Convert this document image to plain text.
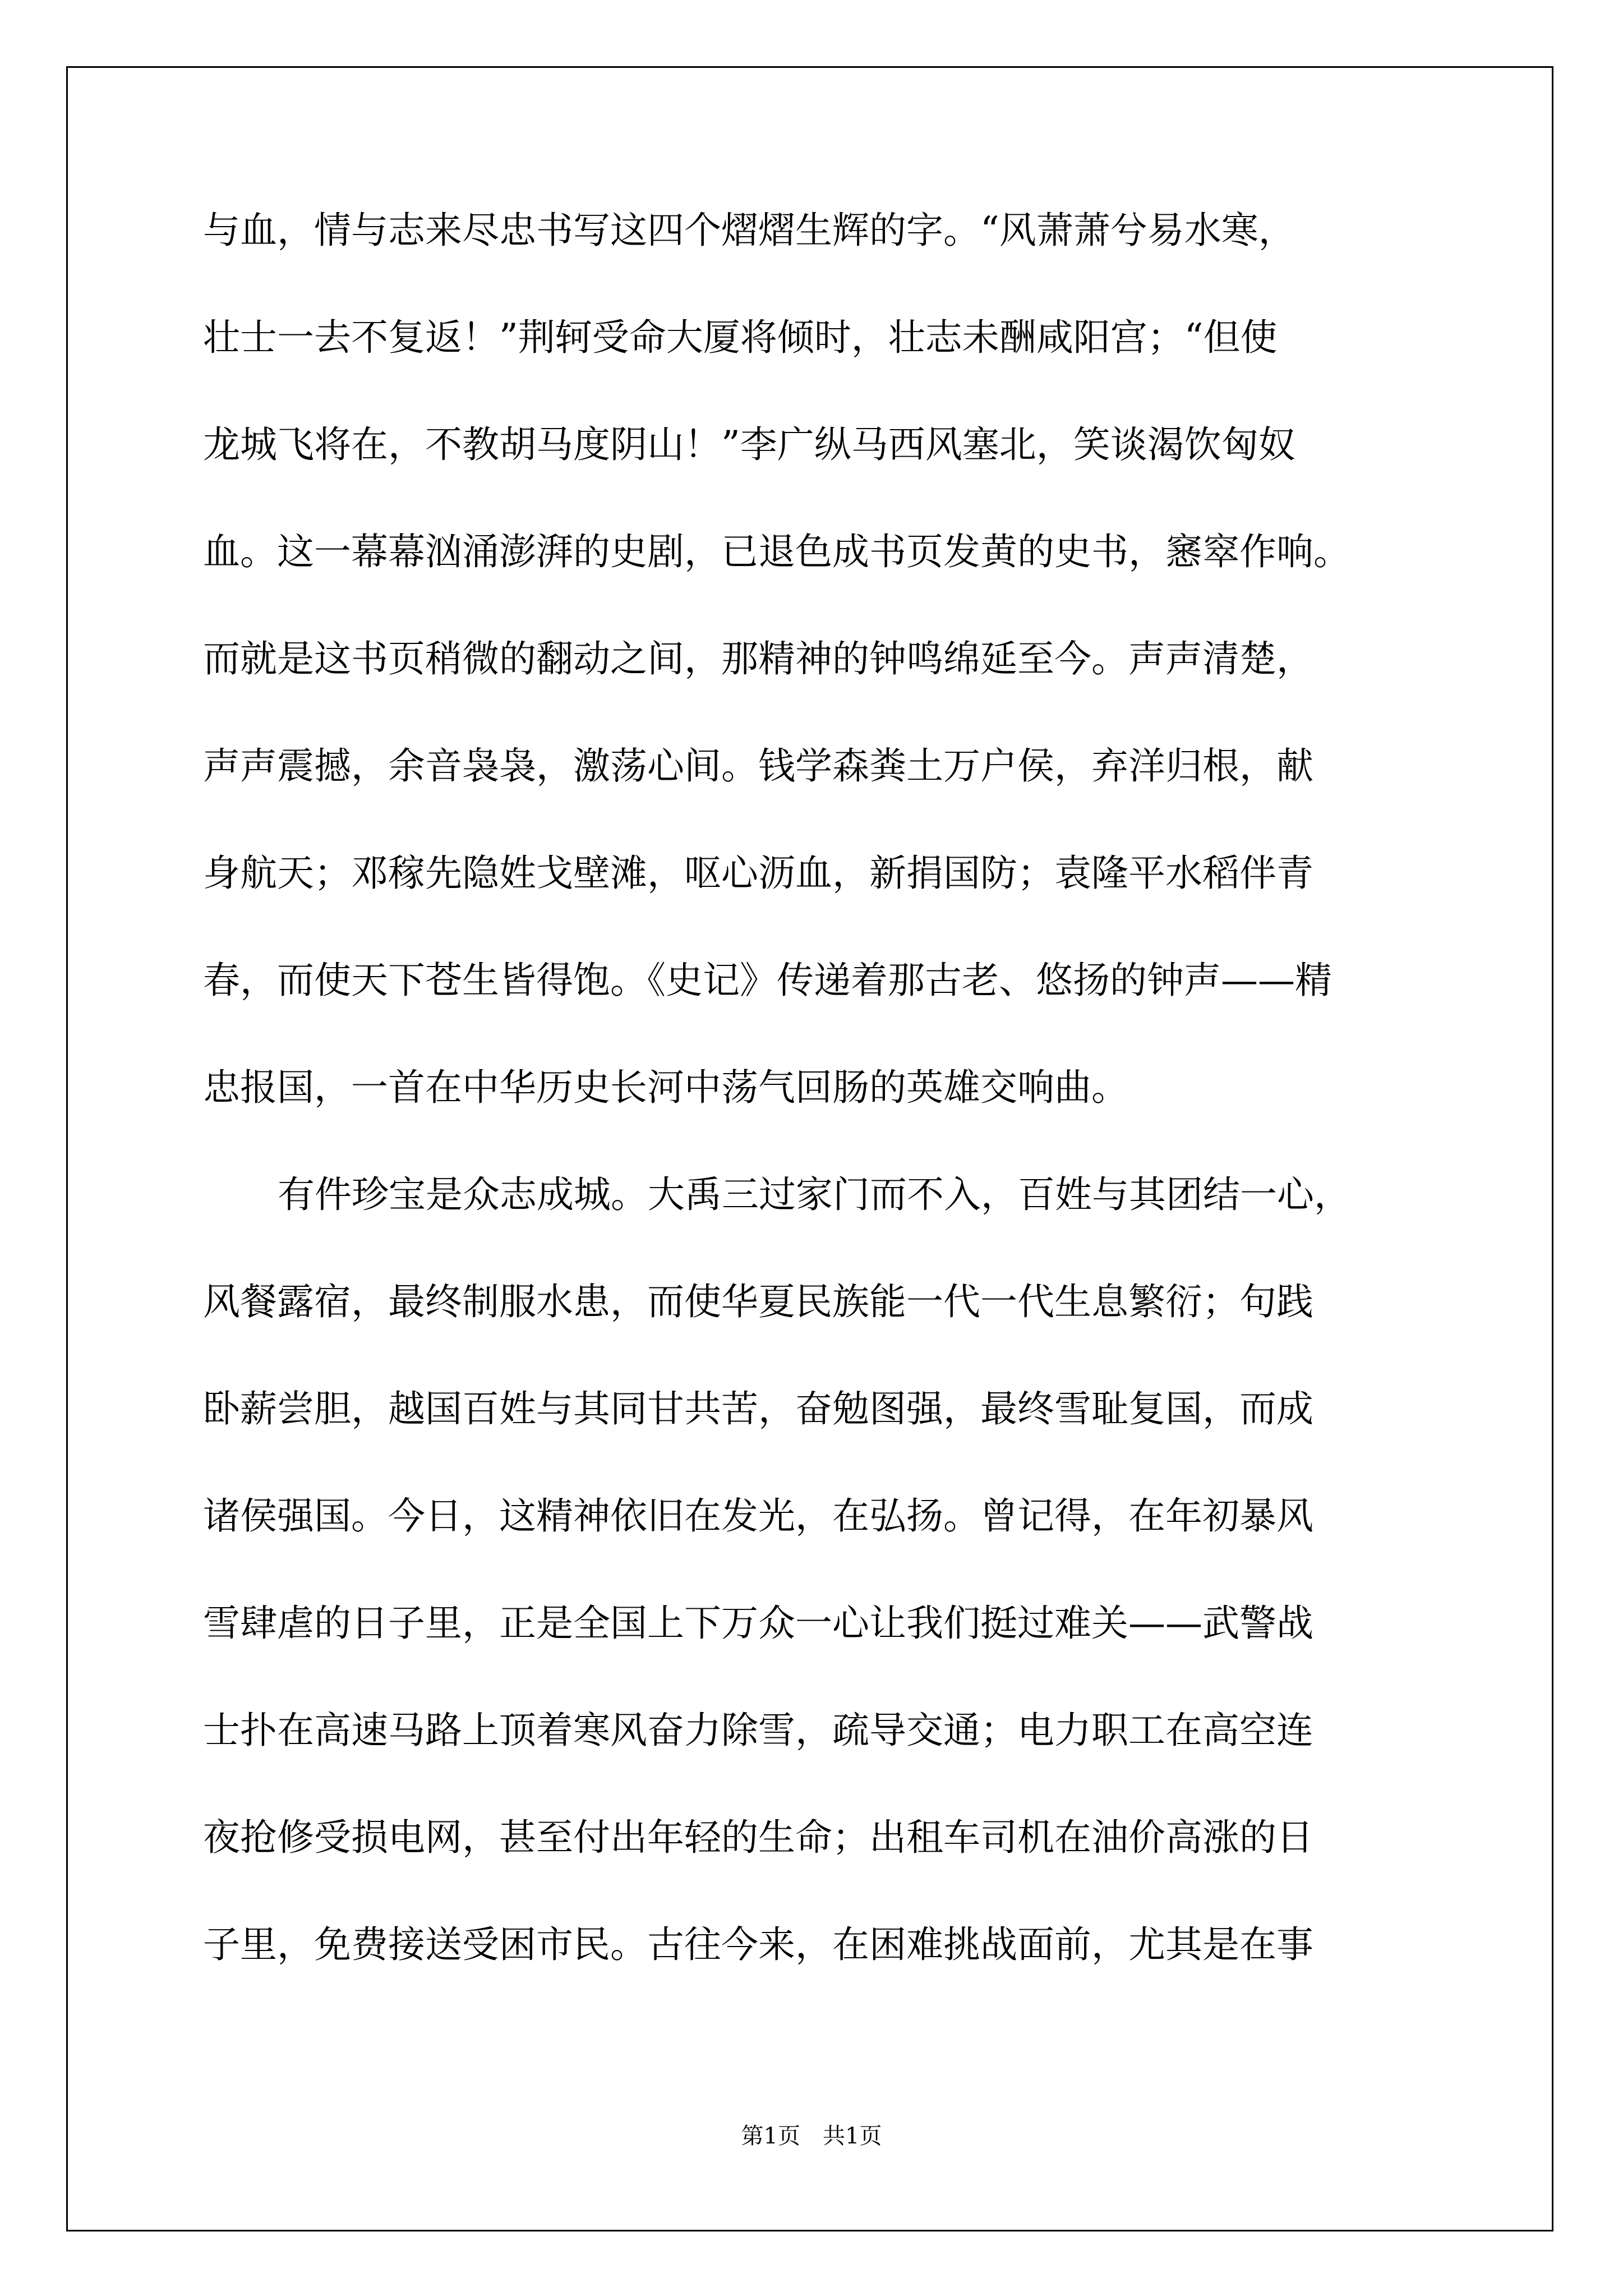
与血，情与志来尽忠书写这四个熠熠生辉的字。“风萧萧兮易水寒，
壮士一去不复返！”荆轲受命大厦将倾时，壮志未酬咸阳宫；“但使
龙城飞将在，不教胡马度阴山！”李广纵马西风塞北，笑谈渴饮匈奴
血。这一幕幕汹涌澎湃的史剧，已退色成书页发黄的史书，窸窣作响。
而就是这书页稍微的翻动之间，那精神的钟鸣绵延至今。声声清楚，
声声震撼，余音袅袅，激荡心间。钱学森粪土万户侯，弃洋归根，献
身航天；邓稼先隐姓戈壁滩，呕心沥血，新捐国防；袁隆平水稻伴青
春，而使天下苍生皆得饱。《史记》传递着那古老、悠扬的钟声——精
忠报国，一首在中华历史长河中荡气回肠的英雄交响曲。
有件珍宝是众志成城。大禹三过家门而不入，百姓与其团结一心，
风餐露宿，最终制服水患，而使华夏民族能一代一代生息繁衍；句践
卧薪尝胆，越国百姓与其同甘共苦，奋勉图强，最终雪耻复国，而成
诸侯强国。今日，这精神依旧在发光，在弘扬。曾记得，在年初暴风
雪肆虐的日子里，正是全国上下万众一心让我们挺过难关——武警战
士扑在高速马路上顶着寒风奋力除雪，疏导交通；电力职工在高空连
夜抢修受损电网，甚至付出年轻的生命；出租车司机在油价高涨的日
子里，免费接送受困市民。古往今来，在困难挑战面前，尤其是在事
第1页　共1页
